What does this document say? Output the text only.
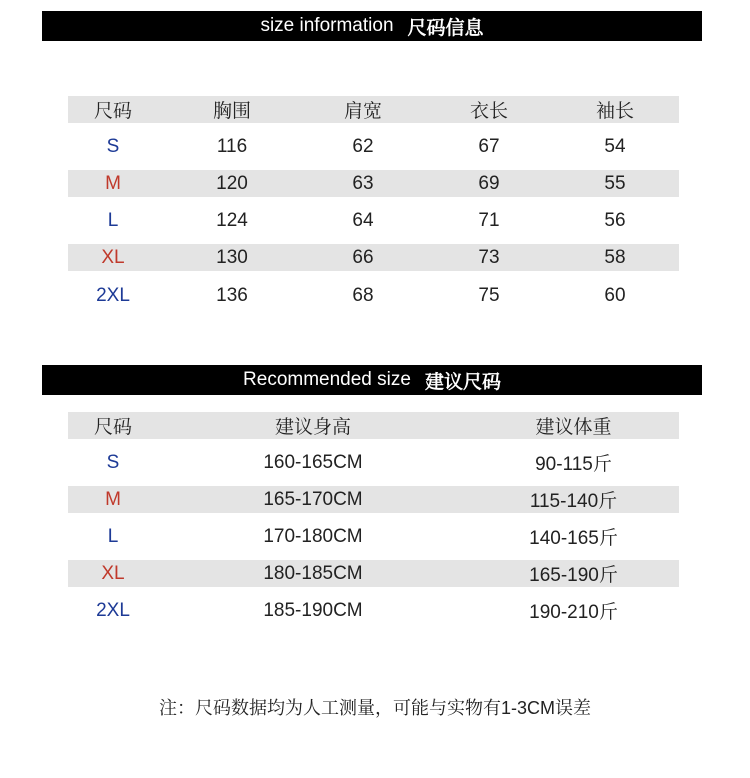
size information 尺码信息
尺码	胸围	肩宽	衣长	袖长
S	116	62	67	54
M	120	63	69	55
L	124	64	71	56
XL	130	66	73	58
2XL	136	68	75	60
Recommended size 建议尺码
尺码	建议身高	建议体重
S	160-165CM	90-115斤
M	165-170CM	115-140斤
L	170-180CM	140-165斤
XL	180-185CM	165-190斤
2XL	185-190CM	190-210斤
注：尺码数据均为人工测量，可能与实物有1-3CM误差
